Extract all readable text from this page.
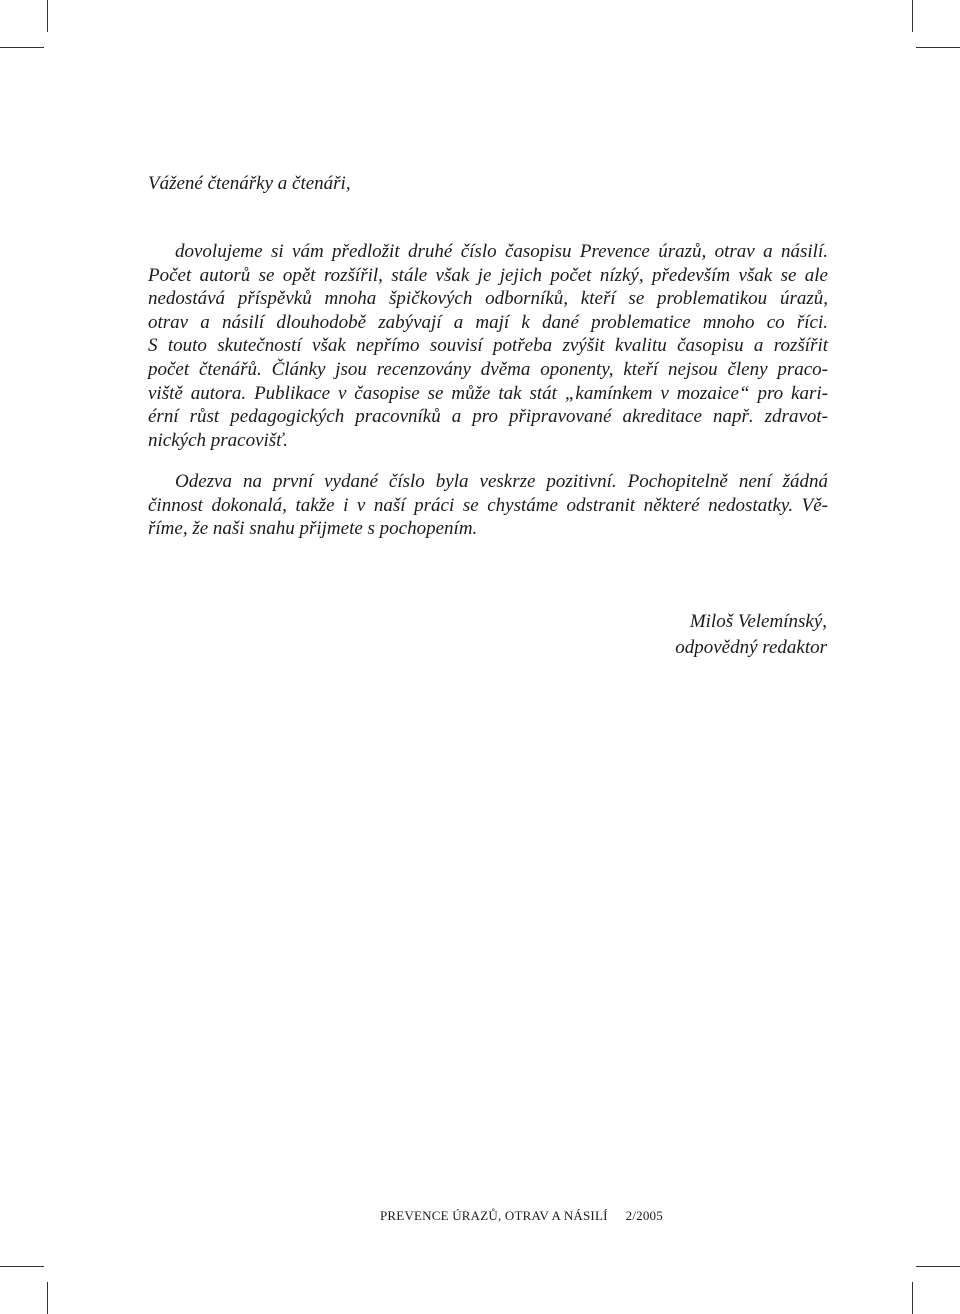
Vážené čtenářky a čtenáři,
dovolujeme si vám předložit druhé číslo časopisu Prevence úrazů, otrav a násilí.
Počet autorů se opět rozšířil, stále však je jejich počet nízký, především však se ale
nedostává příspěvků mnoha špičkových odborníků, kteří se problematikou úrazů,
otrav a násilí dlouhodobě zabývají a mají k dané problematice mnoho co říci.
S touto skutečností však nepřímo souvisí potřeba zvýšit kvalitu časopisu a rozšířit
počet čtenářů. Články jsou recenzovány dvěma oponenty, kteří nejsou členy praco-
viště autora. Publikace v časopise se může tak stát „kamínkem v mozaice“ pro kari-
érní růst pedagogických pracovníků a pro připravované akreditace např. zdravot-
nických pracovišť.
Odezva na první vydané číslo byla veskrze pozitivní. Pochopitelně není žádná
činnost dokonalá, takže i v naší práci se chystáme odstranit některé nedostatky. Vě-
říme, že naši snahu přijmete s pochopením.
Miloš Velemínský,
odpovědný redaktor
PREVENCE ÚRAZŮ, OTRAV A NÁSILÍ 2/2005
